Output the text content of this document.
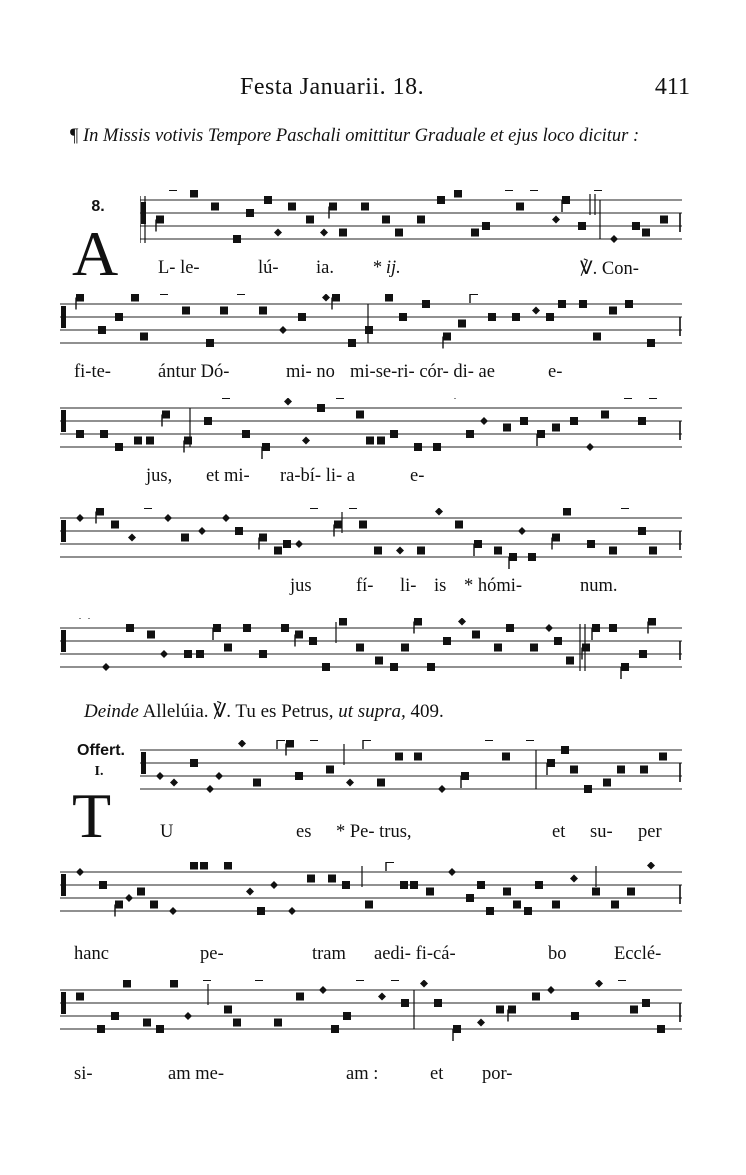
Festa Januarii. 18.	411
¶ In Missis votivis Tempore Paschali omittitur Graduale et ejus loco dicitur :
8.
A L- le-	lú- ia. * ij.	℣. Con-
fi-te-	ántur Dó-	mi- no mi-se-ri- cór- di- ae	e-
jus, et mi- ra-bí- li- a	e-
jus fí- li- is * hómi-	num.
Deinde Allelúia. ℣. Tu es Petrus, ut supra, 409.
Offert.
I.
T	U	es * Pe- trus,	et su- per
hanc	pe-	tram aedi- fi-cá-	bo	Ecclé-
si-	am me-	am :	et por-
